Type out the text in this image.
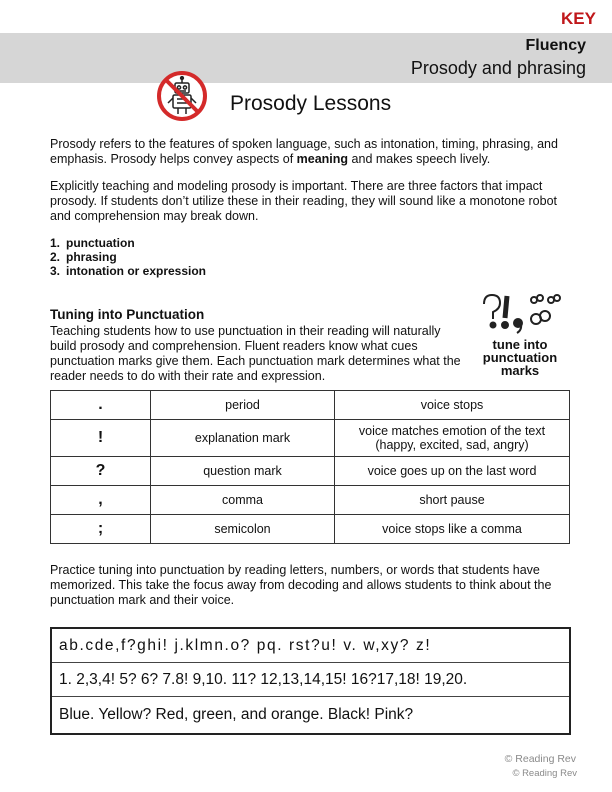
KEY
Fluency
Prosody and phrasing
Prosody Lessons
Prosody refers to the features of spoken language, such as intonation, timing, phrasing, and emphasis. Prosody helps convey aspects of meaning and makes speech lively.
Explicitly teaching and modeling prosody is important. There are three factors that impact prosody. If students don’t utilize these in their reading, they will sound like a monotone robot and comprehension may break down.
1. punctuation
2. phrasing
3. intonation or expression
Tuning into Punctuation
Teaching students how to use punctuation in their reading will naturally build prosody and comprehension. Fluent readers know what cues punctuation marks give them. Each punctuation mark determines what the reader needs to do with their rate and expression.
tune into
punctuation
marks
.	period	voice stops
!	explanation mark	voice matches emotion of the text (happy, excited, sad, angry)
?	question mark	voice goes up on the last word
,	comma	short pause
;	semicolon	voice stops like a comma
Practice tuning into punctuation by reading letters, numbers, or words that students have memorized. This take the focus away from decoding and allows students to think about the punctuation mark and their voice.
ab.cde,f?ghi! j.klmn.o? pq. rst?u! v. w,xy? z!
1. 2,3,4! 5? 6? 7.8! 9,10. 11? 12,13,14,15! 16?17,18! 19,20.
Blue. Yellow? Red, green, and orange. Black! Pink?
© Reading Rev
© Reading Rev
